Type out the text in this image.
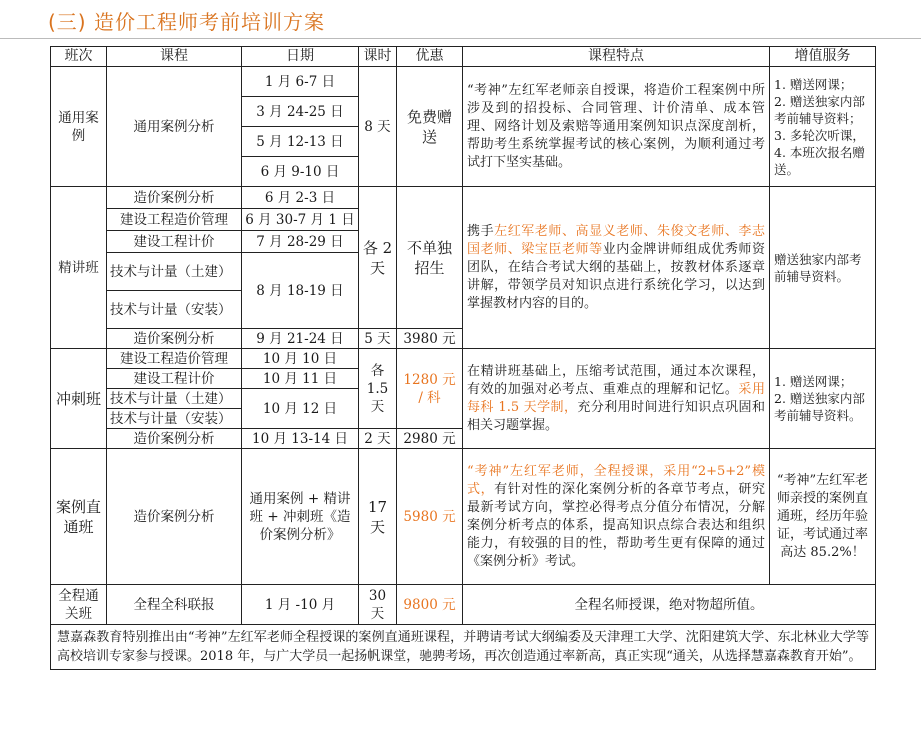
(三) 造价工程师考前培训方案
班次	课程	日期	课时	优惠	课程特点	增值服务
通用案例	通用案例分析	1 月 6-7 日	8 天	免费赠送	“考神”左红军老师亲自授课，将造价工程案例中所涉及到的招投标、合同管理、计价清单、成本管理、网络计划及索赔等通用案例知识点深度剖析，帮助考生系统掌握考试的核心案例，为顺利通过考试打下坚实基础。	1. 赠送网课；
2. 赠送独家内部考前辅导资料；
3. 多轮次听课，
4. 本班次报名赠送。

		3 月 24-25 日				
		5 月 12-13 日				
		6 月 9-10 日				
精讲班	造价案例分析	6 月 2-3 日	各 2 天	不单独招生	携手左红军老师、高显义老师、朱俊文老师、李志国老师、梁宝臣老师等业内金牌讲师组成优秀师资团队，在结合考试大纲的基础上，按教材体系逐章讲解，带领学员对知识点进行系统化学习，以达到掌握教材内容的目的。	赠送独家内部考前辅导资料。
	建设工程造价管理	6 月 30-7 月 1 日				
	建设工程计价	7 月 28-29 日				
	技术与计量（土建）	8 月 18-19 日				
	技术与计量（安装）					
	造价案例分析	9 月 21-24 日	5 天	3980 元		
冲刺班	建设工程造价管理	10 月 10 日	各 1.5 天	1280 元 / 科	在精讲班基础上，压缩考试范围，通过本次课程，有效的加强对必考点、重难点的理解和记忆。采用每科 1.5 天学制，充分利用时间进行知识点巩固和相关习题掌握。	1. 赠送网课；
2. 赠送独家内部考前辅导资料。

	建设工程计价	10 月 11 日				
	技术与计量（土建）	10 月 12 日				
	技术与计量（安装）					
	造价案例分析	10 月 13-14 日	2 天	2980 元		
案例直通班	造价案例分析	通用案例 + 精讲班 + 冲刺班《造价案例分析》	17 天	5980 元	“考神”左红军老师，全程授课，采用“2+5+2”模式，有针对性的深化案例分析的各章节考点，研究最新考试方向，掌控必得考点分值分布情况，分解案例分析考点的体系，提高知识点综合表达和组织能力，有较强的目的性，帮助考生更有保障的通过《案例分析》考试。	“考神”左红军老师亲授的案例直通班，经历年验证，考试通过率高达 85.2%！
全程通关班	全程全科联报	1 月 -10 月	30 天	9800 元	全程名师授课，绝对物超所值。	
慧嘉森教育特别推出由“考神”左红军老师全程授课的案例直通班课程，并聘请考试大纲编委及天津理工大学、沈阳建筑大学、东北林业大学等高校培训专家参与授课。2018 年，与广大学员一起扬帆课堂，驰骋考场，再次创造通过率新高，真正实现“通关，从选择慧嘉森教育开始”。						
